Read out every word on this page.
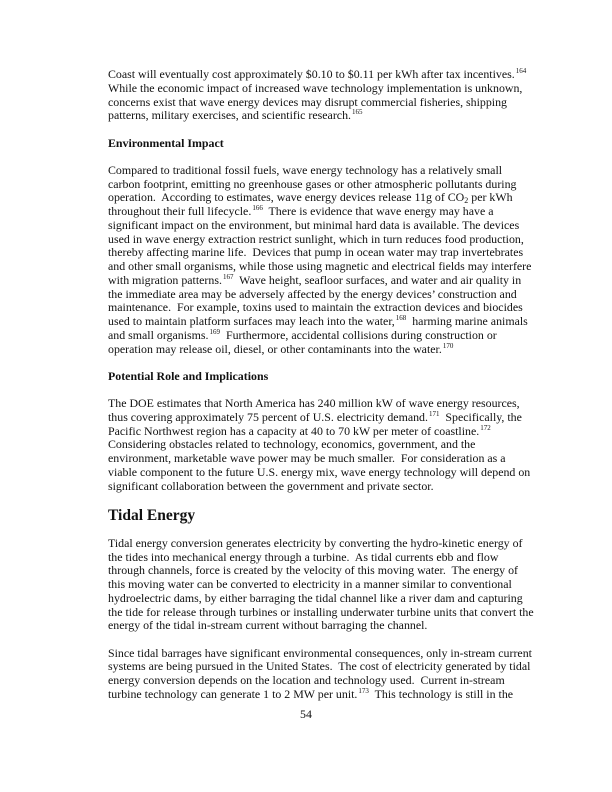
Coast will eventually cost approximately $0.10 to $0.11 per kWh after tax incentives.$^{164}$
While the economic impact of increased wave technology implementation is unknown,
concerns exist that wave energy devices may disrupt commercial fisheries, shipping
patterns, military exercises, and scientific research.$^{165}$

Environmental Impact

Compared to traditional fossil fuels, wave energy technology has a relatively small
carbon footprint, emitting no greenhouse gases or other atmospheric pollutants during
operation.  According to estimates, wave energy devices release 11g of $CO_2$ per kWh
throughout their full lifecycle.$^{166}$  There is evidence that wave energy may have a
significant impact on the environment, but minimal hard data is available. The devices
used in wave energy extraction restrict sunlight, which in turn reduces food production,
thereby affecting marine life.  Devices that pump in ocean water may trap invertebrates
and other small organisms, while those using magnetic and electrical fields may interfere
with migration patterns.$^{167}$  Wave height, seafloor surfaces, and water and air quality in
the immediate area may be adversely affected by the energy devices’ construction and
maintenance.  For example, toxins used to maintain the extraction devices and biocides
used to maintain platform surfaces may leach into the water,$^{168}$  harming marine animals
and small organisms.$^{169}$  Furthermore, accidental collisions during construction or
operation may release oil, diesel, or other contaminants into the water.$^{170}$

Potential Role and Implications

The DOE estimates that North America has 240 million kW of wave energy resources,
thus covering approximately 75 percent of U.S. electricity demand.$^{171}$  Specifically, the
Pacific Northwest region has a capacity at 40 to 70 kW per meter of coastline.$^{172}$
Considering obstacles related to technology, economics, government, and the
environment, marketable wave power may be much smaller.  For consideration as a
viable component to the future U.S. energy mix, wave energy technology will depend on
significant collaboration between the government and private sector.

Tidal Energy

Tidal energy conversion generates electricity by converting the hydro-kinetic energy of
the tides into mechanical energy through a turbine.  As tidal currents ebb and flow
through channels, force is created by the velocity of this moving water.  The energy of
this moving water can be converted to electricity in a manner similar to conventional
hydroelectric dams, by either barraging the tidal channel like a river dam and capturing
the tide for release through turbines or installing underwater turbine units that convert the
energy of the tidal in-stream current without barraging the channel.

Since tidal barrages have significant environmental consequences, only in-stream current
systems are being pursued in the United States.  The cost of electricity generated by tidal
energy conversion depends on the location and technology used.  Current in-stream
turbine technology can generate 1 to 2 MW per unit.$^{173}$  This technology is still in the

54
